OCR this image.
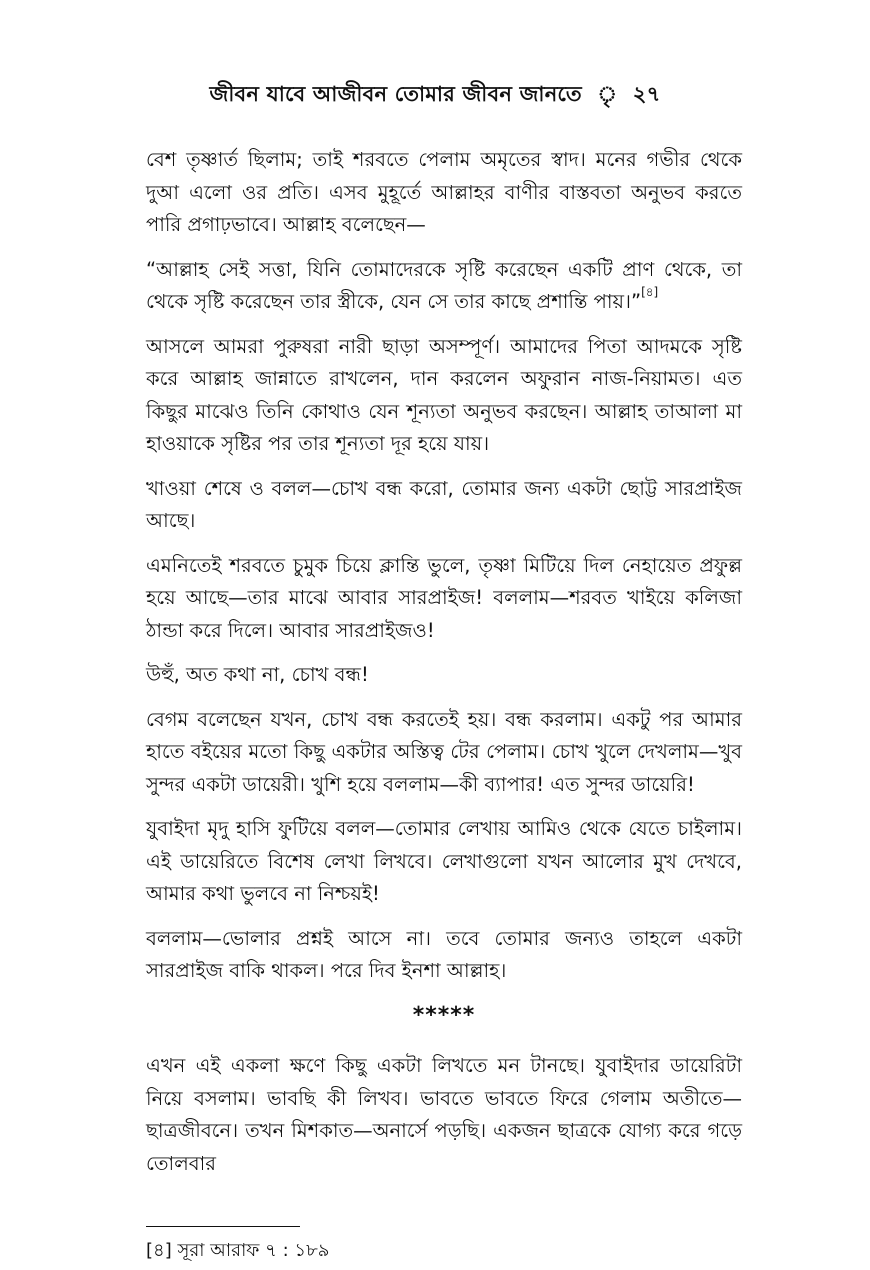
জীবন যাবে আজীবন তোমার জীবন জানতে ৃ ২৭

বেশ তৃষ্ণার্ত ছিলাম; তাই শরবতে পেলাম অমৃতের স্বাদ। মনের গভীর থেকে দুআ এলো ওর প্রতি। এসব মুহূর্তে আল্লাহর বাণীর বাস্তবতা অনুভব করতে পারি প্রগাঢ়ভাবে। আল্লাহ বলেছেন—

“আল্লাহ সেই সত্তা, যিনি তোমাদেরকে সৃষ্টি করেছেন একটি প্রাণ থেকে, তা থেকে সৃষ্টি করেছেন তার স্ত্রীকে, যেন সে তার কাছে প্রশান্তি পায়।”[৪]

আসলে আমরা পুরুষরা নারী ছাড়া অসম্পূর্ণ। আমাদের পিতা আদমকে সৃষ্টি করে আল্লাহ জান্নাতে রাখলেন, দান করলেন অফুরান নাজ-নিয়ামত। এত কিছুর মাঝেও তিনি কোথাও যেন শূন্যতা অনুভব করছেন। আল্লাহ তাআলা মা হাওয়াকে সৃষ্টির পর তার শূন্যতা দূর হয়ে যায়।

খাওয়া শেষে ও বলল—চোখ বন্ধ করো, তোমার জন্য একটা ছোট্ট সারপ্রাইজ আছে।

এমনিতেই শরবতে চুমুক চিয়ে ক্লান্তি ভুলে, তৃষ্ণা মিটিয়ে দিল নেহায়েত প্রফুল্ল হয়ে আছে—তার মাঝে আবার সারপ্রাইজ! বললাম—শরবত খাইয়ে কলিজা ঠান্ডা করে দিলে। আবার সারপ্রাইজও!

উহুঁ, অত কথা না, চোখ বন্ধ!

বেগম বলেছেন যখন, চোখ বন্ধ করতেই হয়। বন্ধ করলাম। একটু পর আমার হাতে বইয়ের মতো কিছু একটার অস্তিত্ব টের পেলাম। চোখ খুলে দেখলাম—খুব সুন্দর একটা ডায়েরী। খুশি হয়ে বললাম—কী ব্যাপার! এত সুন্দর ডায়েরি!

যুবাইদা মৃদু হাসি ফুটিয়ে বলল—তোমার লেখায় আমিও থেকে যেতে চাইলাম। এই ডায়েরিতে বিশেষ লেখা লিখবে। লেখাগুলো যখন আলোর মুখ দেখবে, আমার কথা ভুলবে না নিশ্চয়ই!

বললাম—ভোলার প্রশ্নই আসে না। তবে তোমার জন্যও তাহলে একটা সারপ্রাইজ বাকি থাকল। পরে দিব ইনশা আল্লাহ।

*****

এখন এই একলা ক্ষণে কিছু একটা লিখতে মন টানছে। যুবাইদার ডায়েরিটা নিয়ে বসলাম। ভাবছি কী লিখব। ভাবতে ভাবতে ফিরে গেলাম অতীতে—ছাত্রজীবনে। তখন মিশকাত—অনার্সে পড়ছি। একজন ছাত্রকে যোগ্য করে গড়ে তোলবার

[৪] সূরা আরাফ ৭ : ১৮৯
